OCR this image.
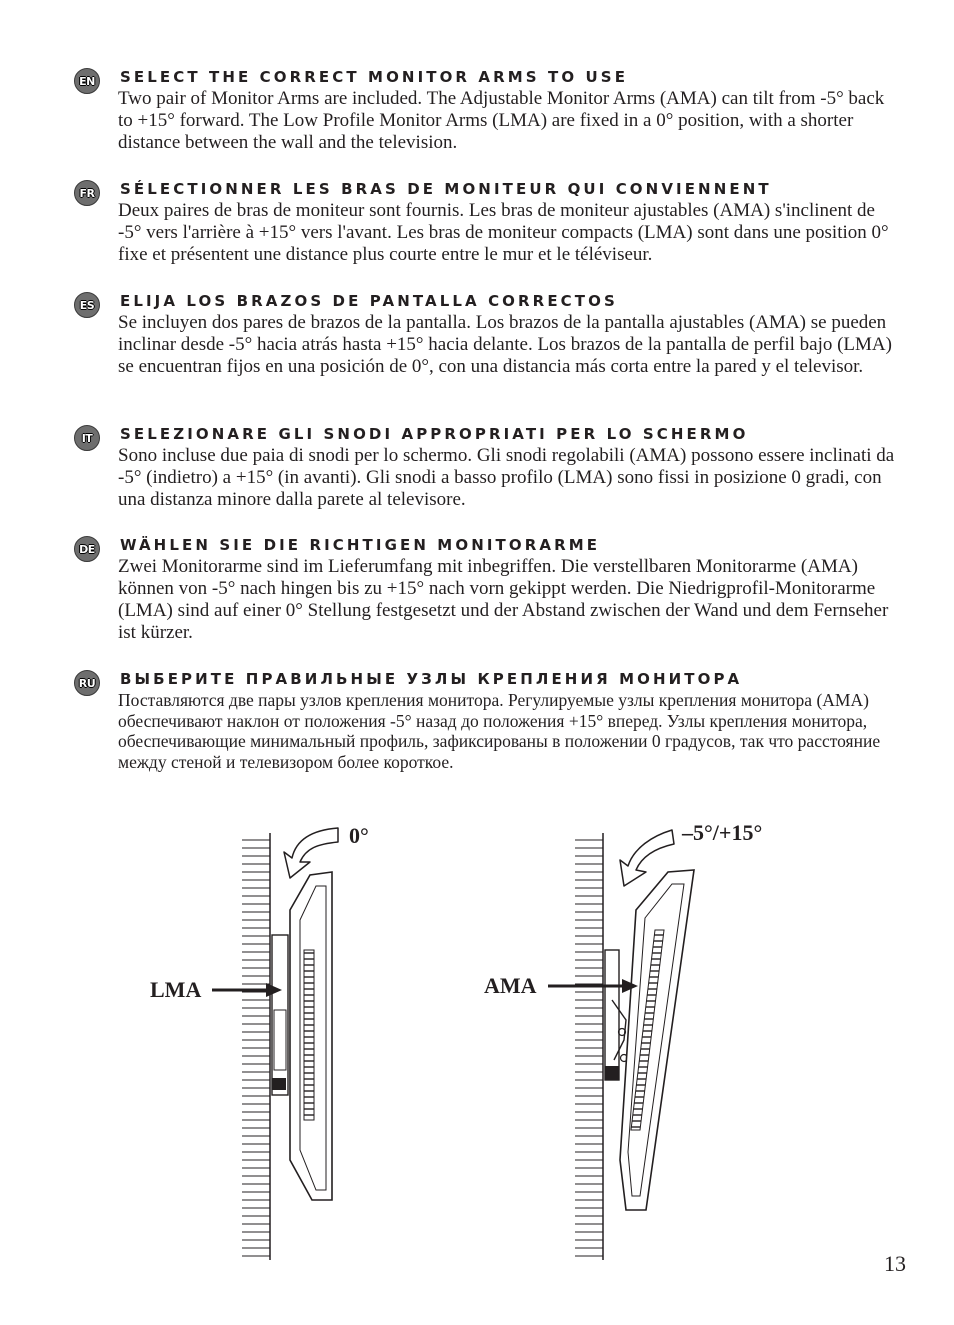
EN SELECT THE CORRECT MONITOR ARMS TO USE
Two pair of Monitor Arms are included. The Adjustable Monitor Arms (AMA) can tilt from -5° back to +15° forward. The Low Profile Monitor Arms (LMA) are fixed in a 0° position, with a shorter distance between the wall and the television.
FR SÉLECTIONNER LES BRAS DE MONITEUR QUI CONVIENNENT
Deux paires de bras de moniteur sont fournis. Les bras de moniteur ajustables (AMA) s'inclinent de -5° vers l'arrière à +15° vers l'avant. Les bras de moniteur compacts (LMA) sont dans une position 0° fixe et présentent une distance plus courte entre le mur et le téléviseur.
ES ELIJA LOS BRAZOS DE PANTALLA CORRECTOS
Se incluyen dos pares de brazos de la pantalla. Los brazos de la pantalla ajustables (AMA) se pueden inclinar desde -5° hacia atrás hasta +15° hacia delante. Los brazos de la pantalla de perfil bajo (LMA) se encuentran fijos en una posición de 0°, con una distancia más corta entre la pared y el televisor.
IT SELEZIONARE GLI SNODI APPROPRIATI PER LO SCHERMO
Sono incluse due paia di snodi per lo schermo. Gli snodi regolabili (AMA) possono essere inclinati da -5° (indietro) a +15° (in avanti). Gli snodi a basso profilo (LMA) sono fissi in posizione 0 gradi, con una distanza minore dalla parete al televisore.
DE WÄHLEN SIE DIE RICHTIGEN MONITORARME
Zwei Monitorarme sind im Lieferumfang mit inbegriffen. Die verstellbaren Monitorarme (AMA) können von -5° nach hingen bis zu +15° nach vorn gekippt werden. Die Niedrigprofil-Monitorarme (LMA) sind auf einer 0° Stellung festgesetzt und der Abstand zwischen der Wand und dem Fernseher ist kürzer.
RU ВЫБЕРИТЕ ПРАВИЛЬНЫЕ УЗЛЫ КРЕПЛЕНИЯ МОНИТОРА
Поставляются две пары узлов крепления монитора. Регулируемые узлы крепления монитора (АМА) обеспечивают наклон от положения -5° назад до положения +15° вперед. Узлы крепления монитора, обеспечивающие минимальный профиль, зафиксированы в положении 0 градусов, так что расстояние между стеной и телевизором более короткое.
0°
LMA
–5°/+15°
AMA
13
